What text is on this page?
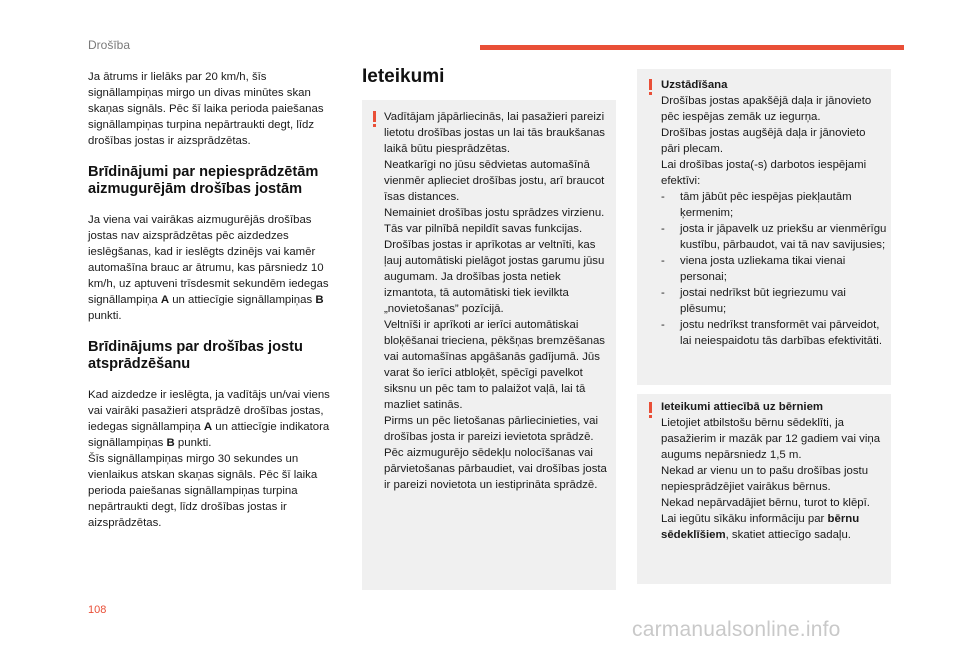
Drošība

Ja ātrums ir lielāks par 20 km/h, šīs signāllampiņas mirgo un divas minūtes skan skaņas signāls. Pēc šī laika perioda paiešanas signāllampiņas turpina nepārtraukti degt, līdz drošības jostas ir aizsprādzētas.

Brīdinājumi par nepiesprādzētām aizmugurējām drošības jostām

Ja viena vai vairākas aizmugurējās drošības jostas nav aizsprādzētas pēc aizdedzes ieslēgšanas, kad ir ieslēgts dzinējs vai kamēr automašīna brauc ar ātrumu, kas pārsniedz 10 km/h, uz aptuveni trīsdesmit sekundēm iedegas signāllampiņa A un attiecīgie signāllampiņas B punkti.

Brīdinājums par drošības jostu atsprādzēšanu

Kad aizdedze ir ieslēgta, ja vadītājs un/vai viens vai vairāki pasažieri atsprādzē drošības jostas, iedegas signāllampiņa A un attiecīgie indikatora signāllampiņas B punkti.

Šīs signāllampiņas mirgo 30 sekundes un vienlaikus atskan skaņas signāls. Pēc šī laika perioda paiešanas signāllampiņas turpina nepārtraukti degt, līdz drošības jostas ir aizsprādzētas.

Ieteikumi
Vadītājam jāpārliecinās, lai pasažieri pareizi lietotu drošības jostas un lai tās braukšanas laikā būtu piesprādzētas.
Neatkarīgi no jūsu sēdvietas automašīnā vienmēr aplieciet drošības jostu, arī braucot īsas distances.
Nemainiet drošības jostu sprādzes virzienu. Tās var pilnībā nepildīt savas funkcijas.
Drošības jostas ir aprīkotas ar veltnīti, kas ļauj automātiski pielāgot jostas garumu jūsu augumam. Ja drošības josta netiek izmantota, tā automātiski tiek ievilkta „novietošanas” pozīcijā.
Veltnīši ir aprīkoti ar ierīci automātiskai bloķēšanai trieciena, pēkšņas bremzēšanas vai automašīnas apgāšanās gadījumā. Jūs varat šo ierīci atbloķēt, spēcīgi pavelkot siksnu un pēc tam to palaižot vaļā, lai tā mazliet satinās.
Pirms un pēc lietošanas pārliecinieties, vai drošības josta ir pareizi ievietota sprādzē.
Pēc aizmugurējo sēdekļu nolocīšanas vai pārvietošanas pārbaudiet, vai drošības josta ir pareizi novietota un iestiprināta sprādzē.
Uzstādīšana
Drošības jostas apakšējā daļa ir jānovieto pēc iespējas zemāk uz iegurņa.
Drošības jostas augšējā daļa ir jānovieto pāri plecam.
Lai drošības josta(-s) darbotos iespējami efektīvi:
- tām jābūt pēc iespējas piekļautām ķermenim;
- josta ir jāpavelk uz priekšu ar vienmērīgu kustību, pārbaudot, vai tā nav savijusies;
- viena josta uzliekama tikai vienai personai;
- jostai nedrīkst būt iegriezumu vai plēsumu;
- jostu nedrīkst transformēt vai pārveidot, lai neiespaidotu tās darbības efektivitāti.
Ieteikumi attiecībā uz bērniem
Lietojiet atbilstošu bērnu sēdeklīti, ja pasažierim ir mazāk par 12 gadiem vai viņa augums nepārsniedz 1,5 m.
Nekad ar vienu un to pašu drošības jostu nepiesprādzējiet vairākus bērnus.
Nekad nepārvadājiet bērnu, turot to klēpī.
Lai iegūtu sīkāku informāciju par bērnu sēdeklīšiem, skatiet attiecīgo sadaļu.
108
carmanualsonline.info
